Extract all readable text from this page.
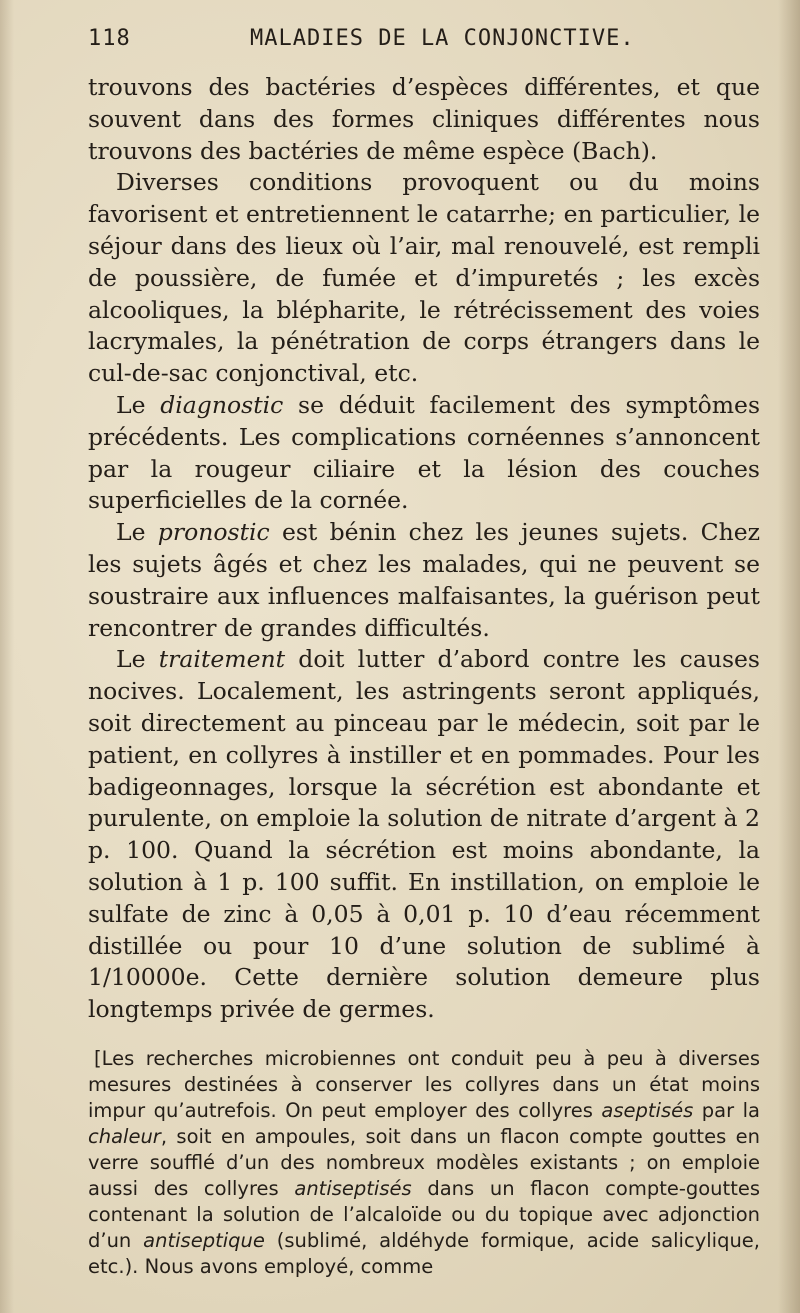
118	MALADIES DE LA CONJONCTIVE.

trouvons des bactéries d’espèces différentes, et que souvent dans des formes cliniques différentes nous trouvons des bactéries de même espèce (Bach).

Diverses conditions provoquent ou du moins favorisent et entretiennent le catarrhe; en particulier, le séjour dans des lieux où l’air, mal renouvelé, est rempli de poussière, de fumée et d’impuretés ; les excès alcooliques, la blépharite, le rétrécissement des voies lacrymales, la pénétration de corps étrangers dans le cul-de-sac conjonctival, etc.

Le diagnostic se déduit facilement des symptômes précédents. Les complications cornéennes s’annoncent par la rougeur ciliaire et la lésion des couches superficielles de la cornée.

Le pronostic est bénin chez les jeunes sujets. Chez les sujets âgés et chez les malades, qui ne peuvent se soustraire aux influences malfaisantes, la guérison peut rencontrer de grandes difficultés.

Le traitement doit lutter d’abord contre les causes nocives. Localement, les astringents seront appliqués, soit directement au pinceau par le médecin, soit par le patient, en collyres à instiller et en pommades. Pour les badigeonnages, lorsque la sécrétion est abondante et purulente, on emploie la solution de nitrate d’argent à 2 p. 100. Quand la sécrétion est moins abondante, la solution à 1 p. 100 suffit. En instillation, on emploie le sulfate de zinc à 0,05 à 0,01 p. 10 d’eau récemment distillée ou pour 10 d’une solution de sublimé à 1/10000e. Cette dernière solution demeure plus longtemps privée de germes.

[Les recherches microbiennes ont conduit peu à peu à diverses mesures destinées à conserver les collyres dans un état moins impur qu’autrefois. On peut employer des collyres aseptisés par la chaleur, soit en ampoules, soit dans un flacon compte gouttes en verre soufflé d’un des nombreux modèles existants ; on emploie aussi des collyres antiseptisés dans un flacon compte-gouttes contenant la solution de l’alcaloïde ou du topique avec adjonction d’un antiseptique (sublimé, aldéhyde formique, acide salicylique, etc.). Nous avons employé, comme
